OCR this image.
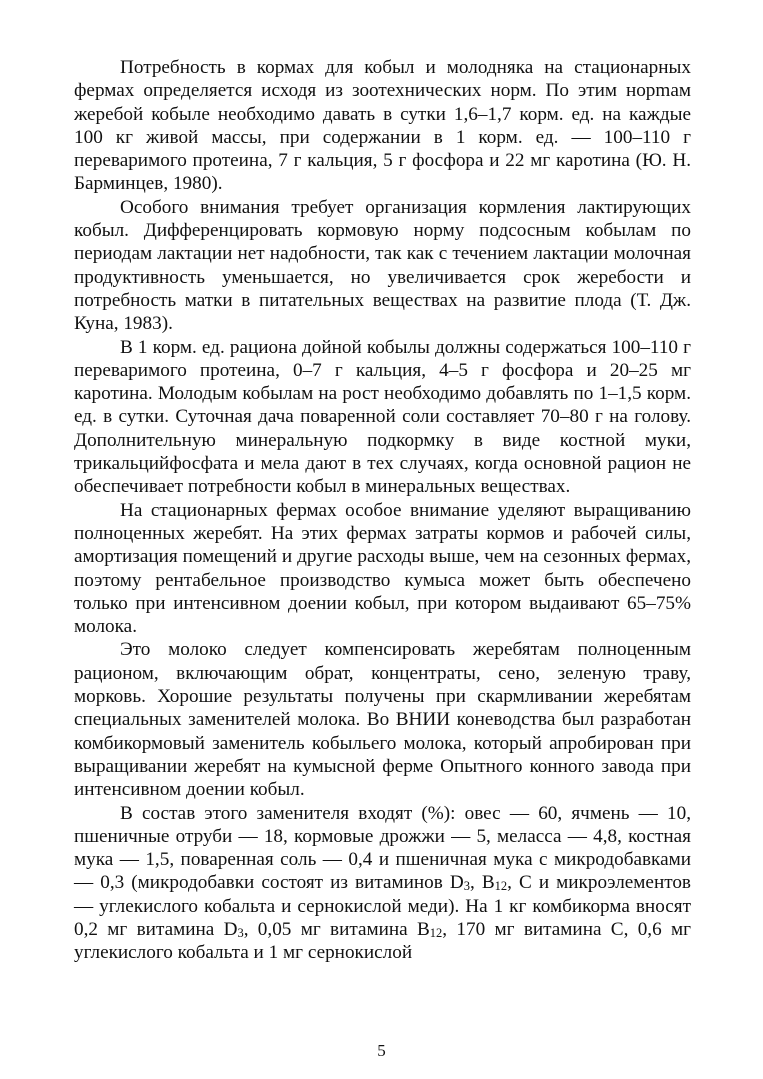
Потребность в кормах для кобыл и молодняка на стационарных фермах определяется исходя из зоотехнических норм. По этим норmам жеребой кобыле необходимо давать в сутки 1,6–1,7 корм. ед. на каждые 100 кг живой массы, при содержании в 1 корм. ед. — 100–110 г переваримого протеина, 7 г кальция, 5 г фосфора и 22 мг каротина (Ю. Н. Барминцев, 1980).

Особого внимания требует организация кормления лактирующих кобыл. Дифференцировать кормовую норму подсосным кобылам по периодам лактации нет надобности, так как с течением лактации молочная продуктивность уменьшается, но увеличивается срок жеребости и потребность матки в питательных веществах на развитие плода (Т. Дж. Куна, 1983).

В 1 корм. ед. рациона дойной кобылы должны содержаться 100–110 г переваримого протеина, 0–7 г кальция, 4–5 г фосфора и 20–25 мг каротина. Молодым кобылам на рост необходимо добавлять по 1–1,5 корм. ед. в сутки. Суточная дача поваренной соли составляет 70–80 г на голову. Дополнительную минеральную подкормку в виде костной муки, трикальцийфосфата и мела дают в тех случаях, когда основной рацион не обеспечивает потребности кобыл в минеральных веществах.

На стационарных фермах особое внимание уделяют выращиванию полноценных жеребят. На этих фермах затраты кормов и рабочей силы, амортизация помещений и другие расходы выше, чем на сезонных фермах, поэтому рентабельное производство кумыса может быть обеспечено только при интенсивном доении кобыл, при котором выдаивают 65–75% молока.

Это молоко следует компенсировать жеребятам полноценным рационом, включающим обрат, концентраты, сено, зеленую траву, морковь. Хорошие результаты получены при скармливании жеребятам специальных заменителей молока. Во ВНИИ коневодства был разработан комбикормовый заменитель кобыльего молока, который апробирован при выращивании жеребят на кумысной ферме Опытного конного завода при интенсивном доении кобыл.

В состав этого заменителя входят (%): овес — 60, ячмень — 10, пшеничные отруби — 18, кормовые дрожжи — 5, меласса — 4,8, костная мука — 1,5, поваренная соль — 0,4 и пшеничная мука с микродобавками — 0,3 (микродобавки состоят из витаминов $D_3$, $B_{12}$, C и микроэлементов — углекислого кобальта и сернокислой меди). На 1 кг комбикорма вносят 0,2 мг витамина $D_3$, 0,05 мг витамина $B_{12}$, 170 мг витамина C, 0,6 мг углекислого кобальта и 1 мг сернокислой

5
